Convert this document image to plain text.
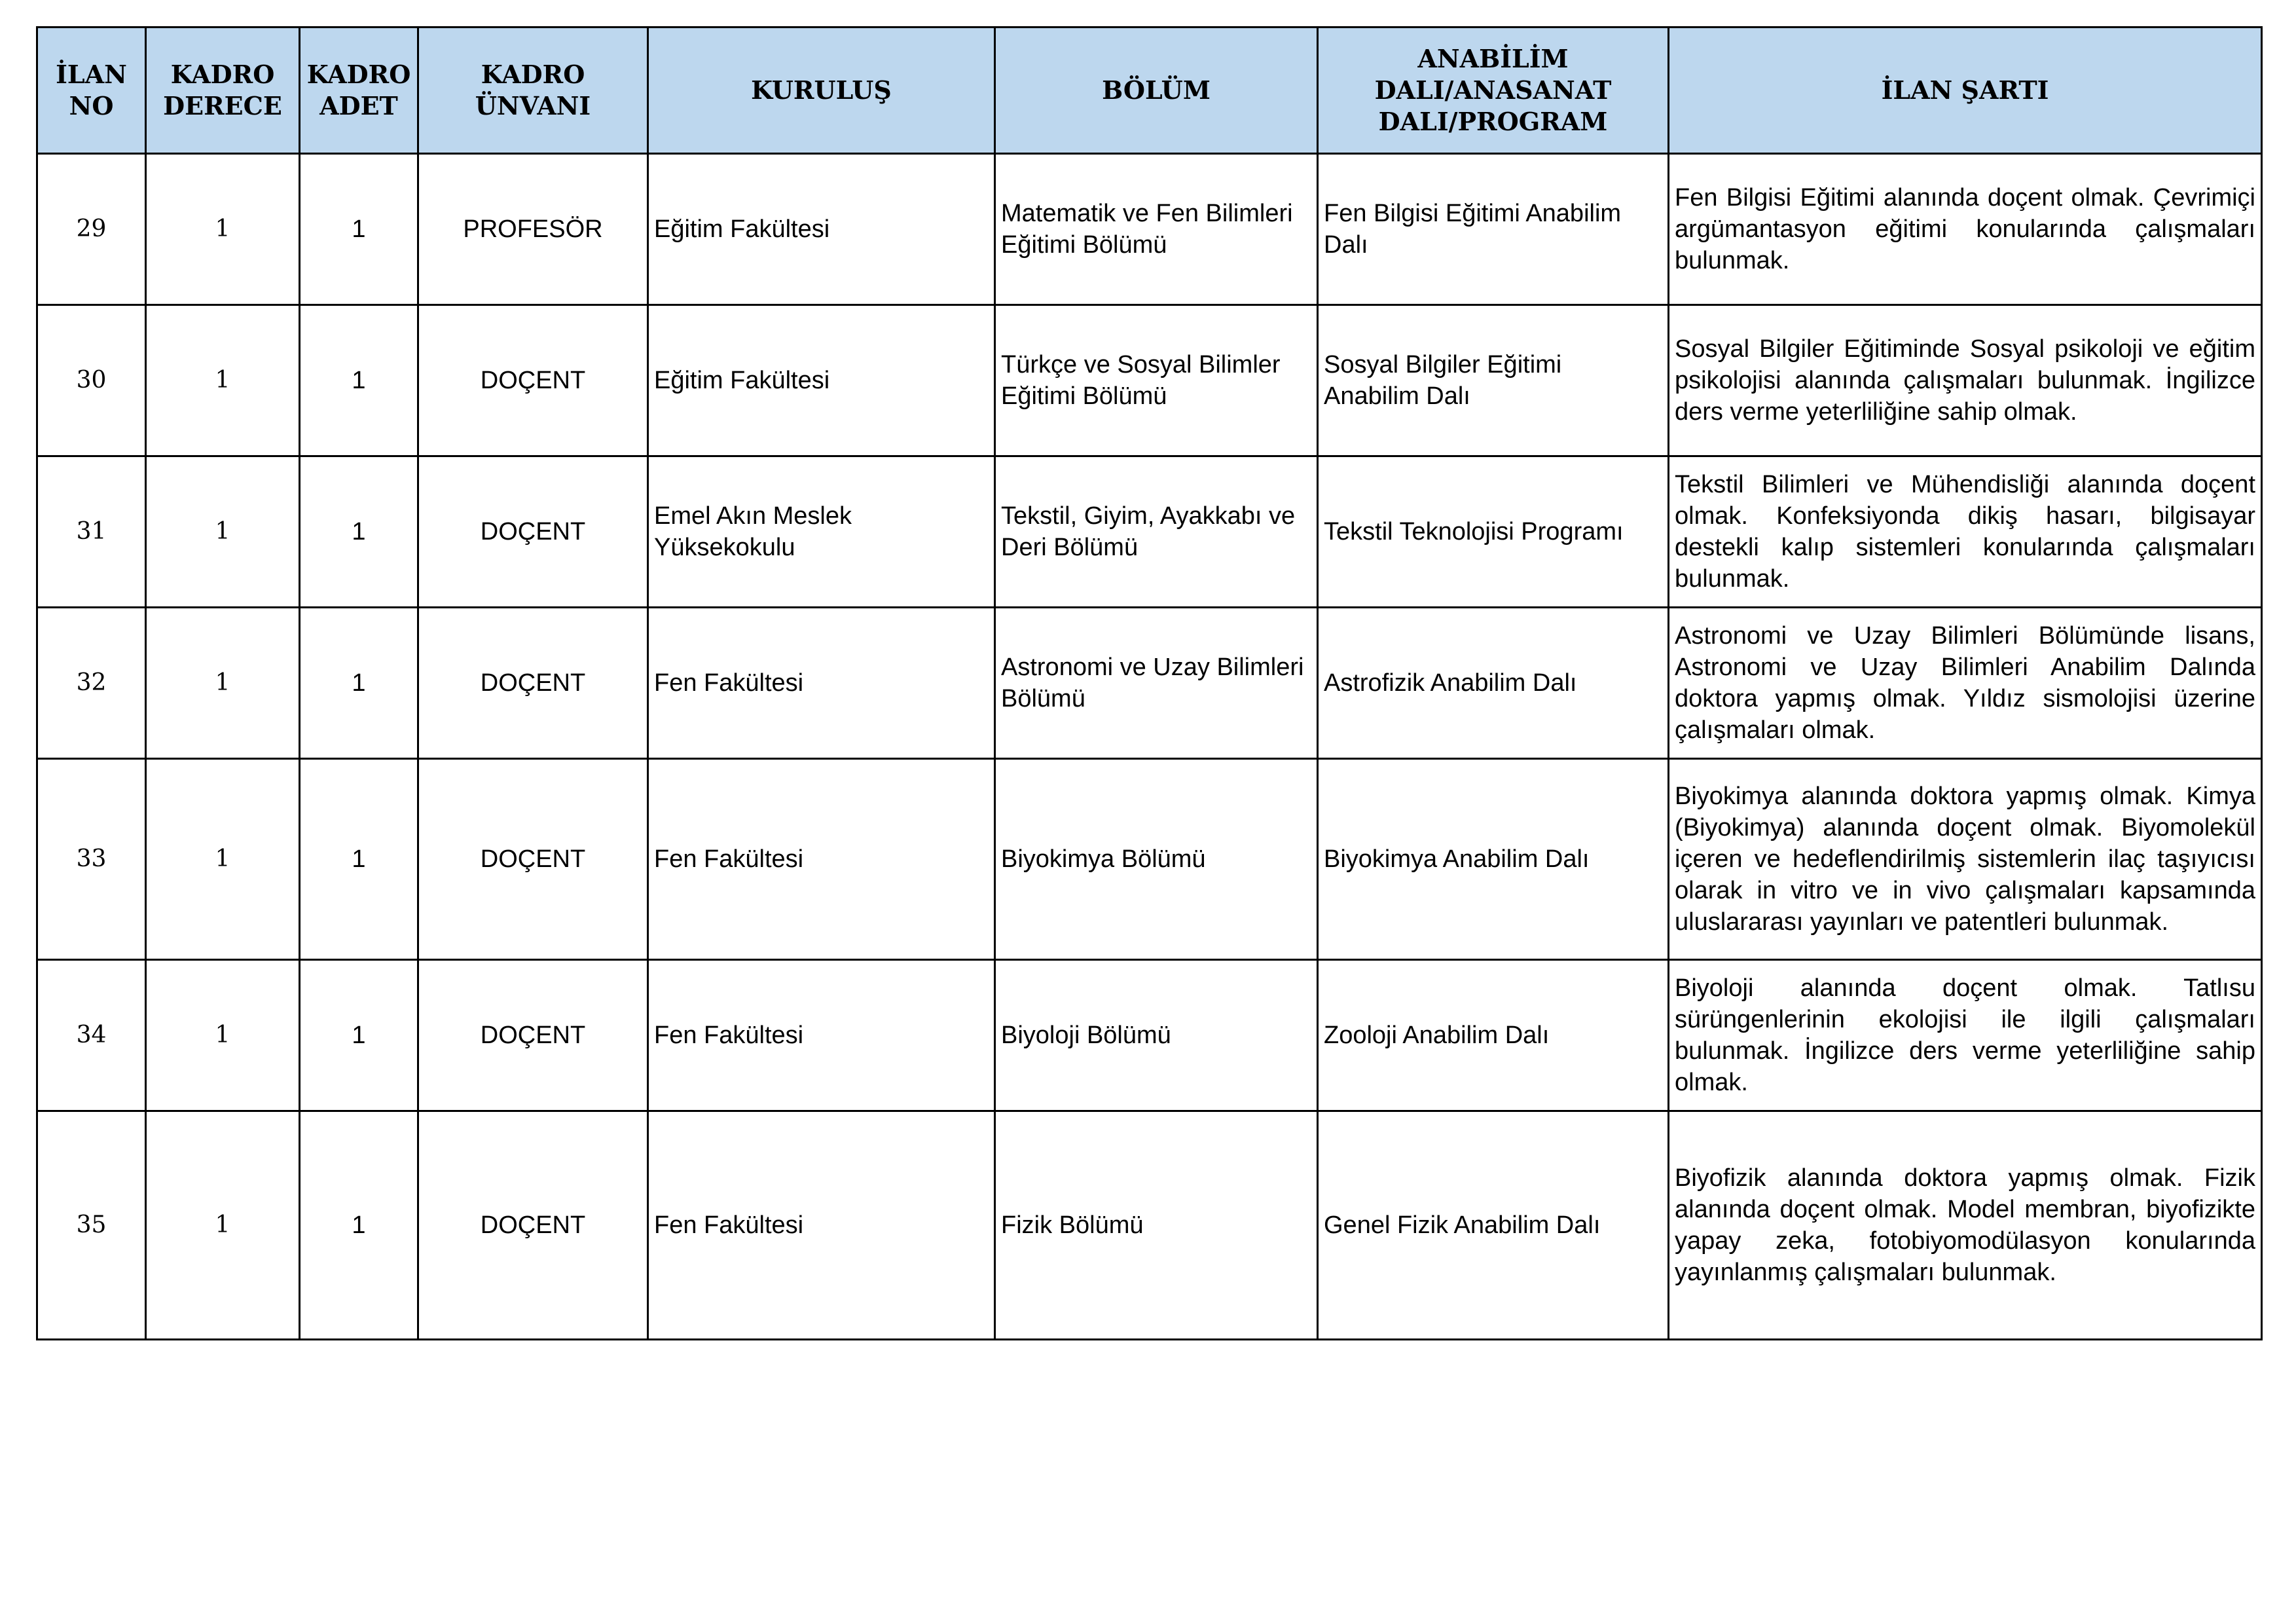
İLAN NO	KADRO DERECE	KADRO ADET	KADRO ÜNVANI	KURULUŞ	BÖLÜM	ANABİLİM DALI/ANASANAT DALI/PROGRAM	İLAN ŞARTI
29	1	1	PROFESÖR	Eğitim Fakültesi	Matematik ve Fen Bilimleri Eğitimi Bölümü	Fen Bilgisi Eğitimi Anabilim Dalı	Fen Bilgisi Eğitimi alanında doçent olmak. Çevrimiçi argümantasyon eğitimi konularında çalışmaları bulunmak.
30	1	1	DOÇENT	Eğitim Fakültesi	Türkçe ve Sosyal Bilimler Eğitimi Bölümü	Sosyal Bilgiler Eğitimi Anabilim Dalı	Sosyal Bilgiler Eğitiminde Sosyal psikoloji ve eğitim psikolojisi alanında çalışmaları bulunmak. İngilizce ders verme yeterliliğine sahip olmak.
31	1	1	DOÇENT	Emel Akın Meslek Yüksekokulu	Tekstil, Giyim, Ayakkabı ve Deri Bölümü	Tekstil Teknolojisi Programı	Tekstil Bilimleri ve Mühendisliği alanında doçent olmak. Konfeksiyonda dikiş hasarı, bilgisayar destekli kalıp sistemleri konularında çalışmaları bulunmak.
32	1	1	DOÇENT	Fen Fakültesi	Astronomi ve Uzay Bilimleri Bölümü	Astrofizik Anabilim Dalı	Astronomi ve Uzay Bilimleri Bölümünde lisans, Astronomi ve Uzay Bilimleri Anabilim Dalında doktora yapmış olmak. Yıldız sismolojisi üzerine çalışmaları olmak.
33	1	1	DOÇENT	Fen Fakültesi	Biyokimya Bölümü	Biyokimya Anabilim Dalı	Biyokimya alanında doktora yapmış olmak. Kimya (Biyokimya) alanında doçent olmak. Biyomolekül içeren ve hedeflendirilmiş sistemlerin ilaç taşıyıcısı olarak in vitro ve in vivo çalışmaları kapsamında uluslararası yayınları ve patentleri bulunmak.
34	1	1	DOÇENT	Fen Fakültesi	Biyoloji Bölümü	Zooloji Anabilim Dalı	Biyoloji alanında doçent olmak. Tatlısu sürüngenlerinin ekolojisi ile ilgili çalışmaları bulunmak. İngilizce ders verme yeterliliğine sahip olmak.
35	1	1	DOÇENT	Fen Fakültesi	Fizik Bölümü	Genel Fizik Anabilim Dalı	Biyofizik alanında doktora yapmış olmak. Fizik alanında doçent olmak. Model membran, biyofizikte yapay zeka, fotobiyomodülasyon konularında yayınlanmış çalışmaları bulunmak.
